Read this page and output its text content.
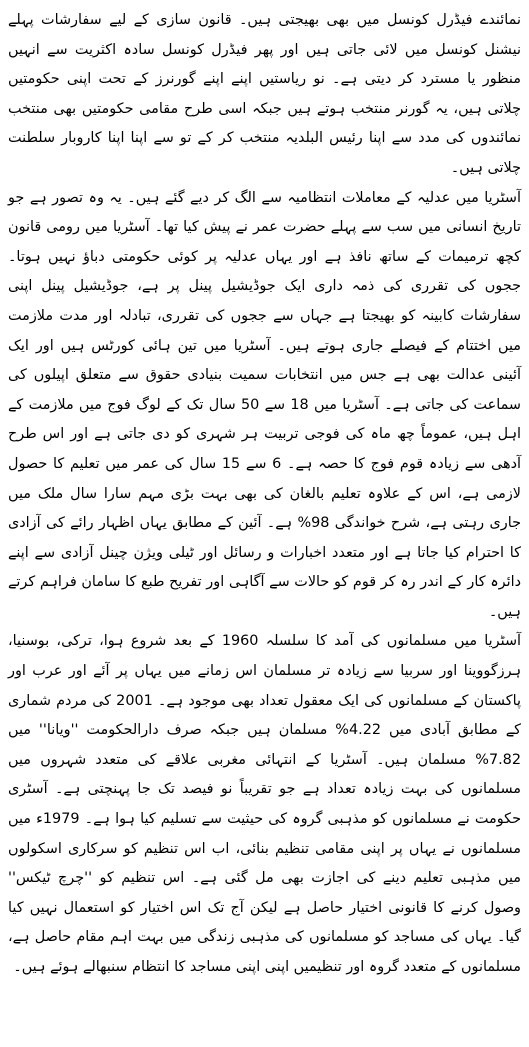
نمائندے فیڈرل کونسل میں بھی بھیجتی ہیں۔ قانون سازی کے لیے سفارشات پہلے نیشنل کونسل میں لائی جاتی ہیں اور پھر فیڈرل کونسل سادہ اکثریت سے انہیں منظور یا مسترد کر دیتی ہے۔ نو ریاستیں اپنے اپنے گورنرز کے تحت اپنی حکومتیں چلاتی ہیں، یہ گورنر منتخب ہوتے ہیں جبکہ اسی طرح مقامی حکومتیں بھی منتخب نمائندوں کی مدد سے اپنا رئیس البلدیہ منتخب کر کے تو سے اپنا اپنا کاروبار سلطنت چلاتی ہیں۔

آسٹریا میں عدلیہ کے معاملات انتظامیہ سے الگ کر دیے گئے ہیں۔ یہ وہ تصور ہے جو تاریخ انسانی میں سب سے پہلے حضرت عمر نے پیش کیا تھا۔ آسٹریا میں رومی قانون کچھ ترمیمات کے ساتھ نافذ ہے اور یہاں عدلیہ پر کوئی حکومتی دباؤ نہیں ہوتا۔ ججوں کی تقرری کی ذمہ داری ایک جوڈیشیل پینل پر ہے، جوڈیشیل پینل اپنی سفارشات کابینہ کو بھیجتا ہے جہاں سے ججوں کی تقرری، تبادلہ اور مدت ملازمت میں اختتام کے فیصلے جاری ہوتے ہیں۔ آسٹریا میں تین ہائی کورٹس ہیں اور ایک آئینی عدالت بھی ہے جس میں انتخابات سمیت بنیادی حقوق سے متعلق اپیلوں کی سماعت کی جاتی ہے۔ آسٹریا میں 18 سے 50 سال تک کے لوگ فوج میں ملازمت کے اہل ہیں، عموماً چھ ماہ کی فوجی تربیت ہر شہری کو دی جاتی ہے اور اس طرح آدھی سے زیادہ قوم فوج کا حصہ ہے۔ 6 سے 15 سال کی عمر میں تعلیم کا حصول لازمی ہے، اس کے علاوہ تعلیم بالغان کی بھی بہت بڑی مہم سارا سال ملک میں جاری رہتی ہے، شرح خواندگی 98% ہے۔ آئین کے مطابق یہاں اظہار رائے کی آزادی کا احترام کیا جاتا ہے اور متعدد اخبارات و رسائل اور ٹیلی ویژن چینل آزادی سے اپنے دائرہ کار کے اندر رہ کر قوم کو حالات سے آگاہی اور تفریح طبع کا سامان فراہم کرتے ہیں۔

آسٹریا میں مسلمانوں کی آمد کا سلسلہ 1960 کے بعد شروع ہوا، ترکی، بوسنیا، ہرزگووینا اور سربیا سے زیادہ تر مسلمان اس زمانے میں یہاں پر آئے اور عرب اور پاکستان کے مسلمانوں کی ایک معقول تعداد بھی موجود ہے۔ 2001 کی مردم شماری کے مطابق آبادی میں 4.22% مسلمان ہیں جبکہ صرف دارالحکومت ''ویانا'' میں 7.82% مسلمان ہیں۔ آسٹریا کے انتہائی مغربی علاقے کی متعدد شہروں میں مسلمانوں کی بہت زیادہ تعداد ہے جو تقریباً نو فیصد تک جا پہنچتی ہے۔ آسٹری حکومت نے مسلمانوں کو مذہبی گروہ کی حیثیت سے تسلیم کیا ہوا ہے۔ 1979ء میں مسلمانوں نے یہاں پر اپنی مقامی تنظیم بنائی، اب اس تنظیم کو سرکاری اسکولوں میں مذہبی تعلیم دینے کی اجازت بھی مل گئی ہے۔ اس تنظیم کو ''چرچ ٹیکس'' وصول کرنے کا قانونی اختیار حاصل ہے لیکن آج تک اس اختیار کو استعمال نہیں کیا گیا۔ یہاں کی مساجد کو مسلمانوں کی مذہبی زندگی میں بہت اہم مقام حاصل ہے، مسلمانوں کے متعدد گروہ اور تنظیمیں اپنی اپنی مساجد کا انتظام سنبھالے ہوئے ہیں۔
